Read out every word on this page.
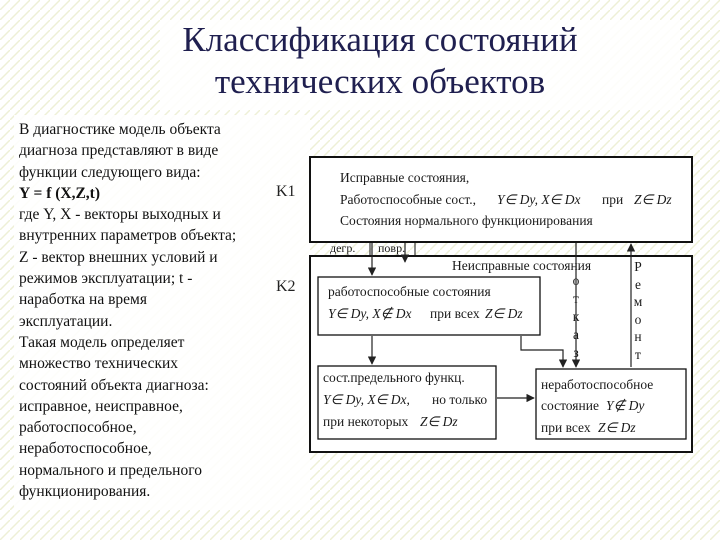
Классификация состояний
технических объектов
В диагностике модель объекта
диагноза представляют в виде
функции следующего вида:
Y = f (X,Z,t)
где Y, X - векторы выходных и
внутренних параметров объекта;
Z - вектор внешних условий и
режимов эксплуатации; t -
наработка на время
эксплуатации.
Такая модель определяет
множество технических
состояний объекта диагноза:
исправное, неисправное,
работоспособное,
неработоспособное,
нормального и предельного
функционирования.
K1
K2
Исправные состояния,
Работоспособные сост., Y∈ Dy, X∈ Dx при Z∈ Dz
Состояния нормального функционирования
дегр. повр.
Неисправные состояния
о
т
к
а
з
Р
е
м
о
н
т
работоспособные состояния
Y∈ Dy, X∉ Dx при всех Z∈ Dz
сост.предельного функц.
Y∈ Dy, X∈ Dx, но только
при некоторых Z∈ Dz
неработоспособное
состояние Y∉ Dy
при всех Z∈ Dz
